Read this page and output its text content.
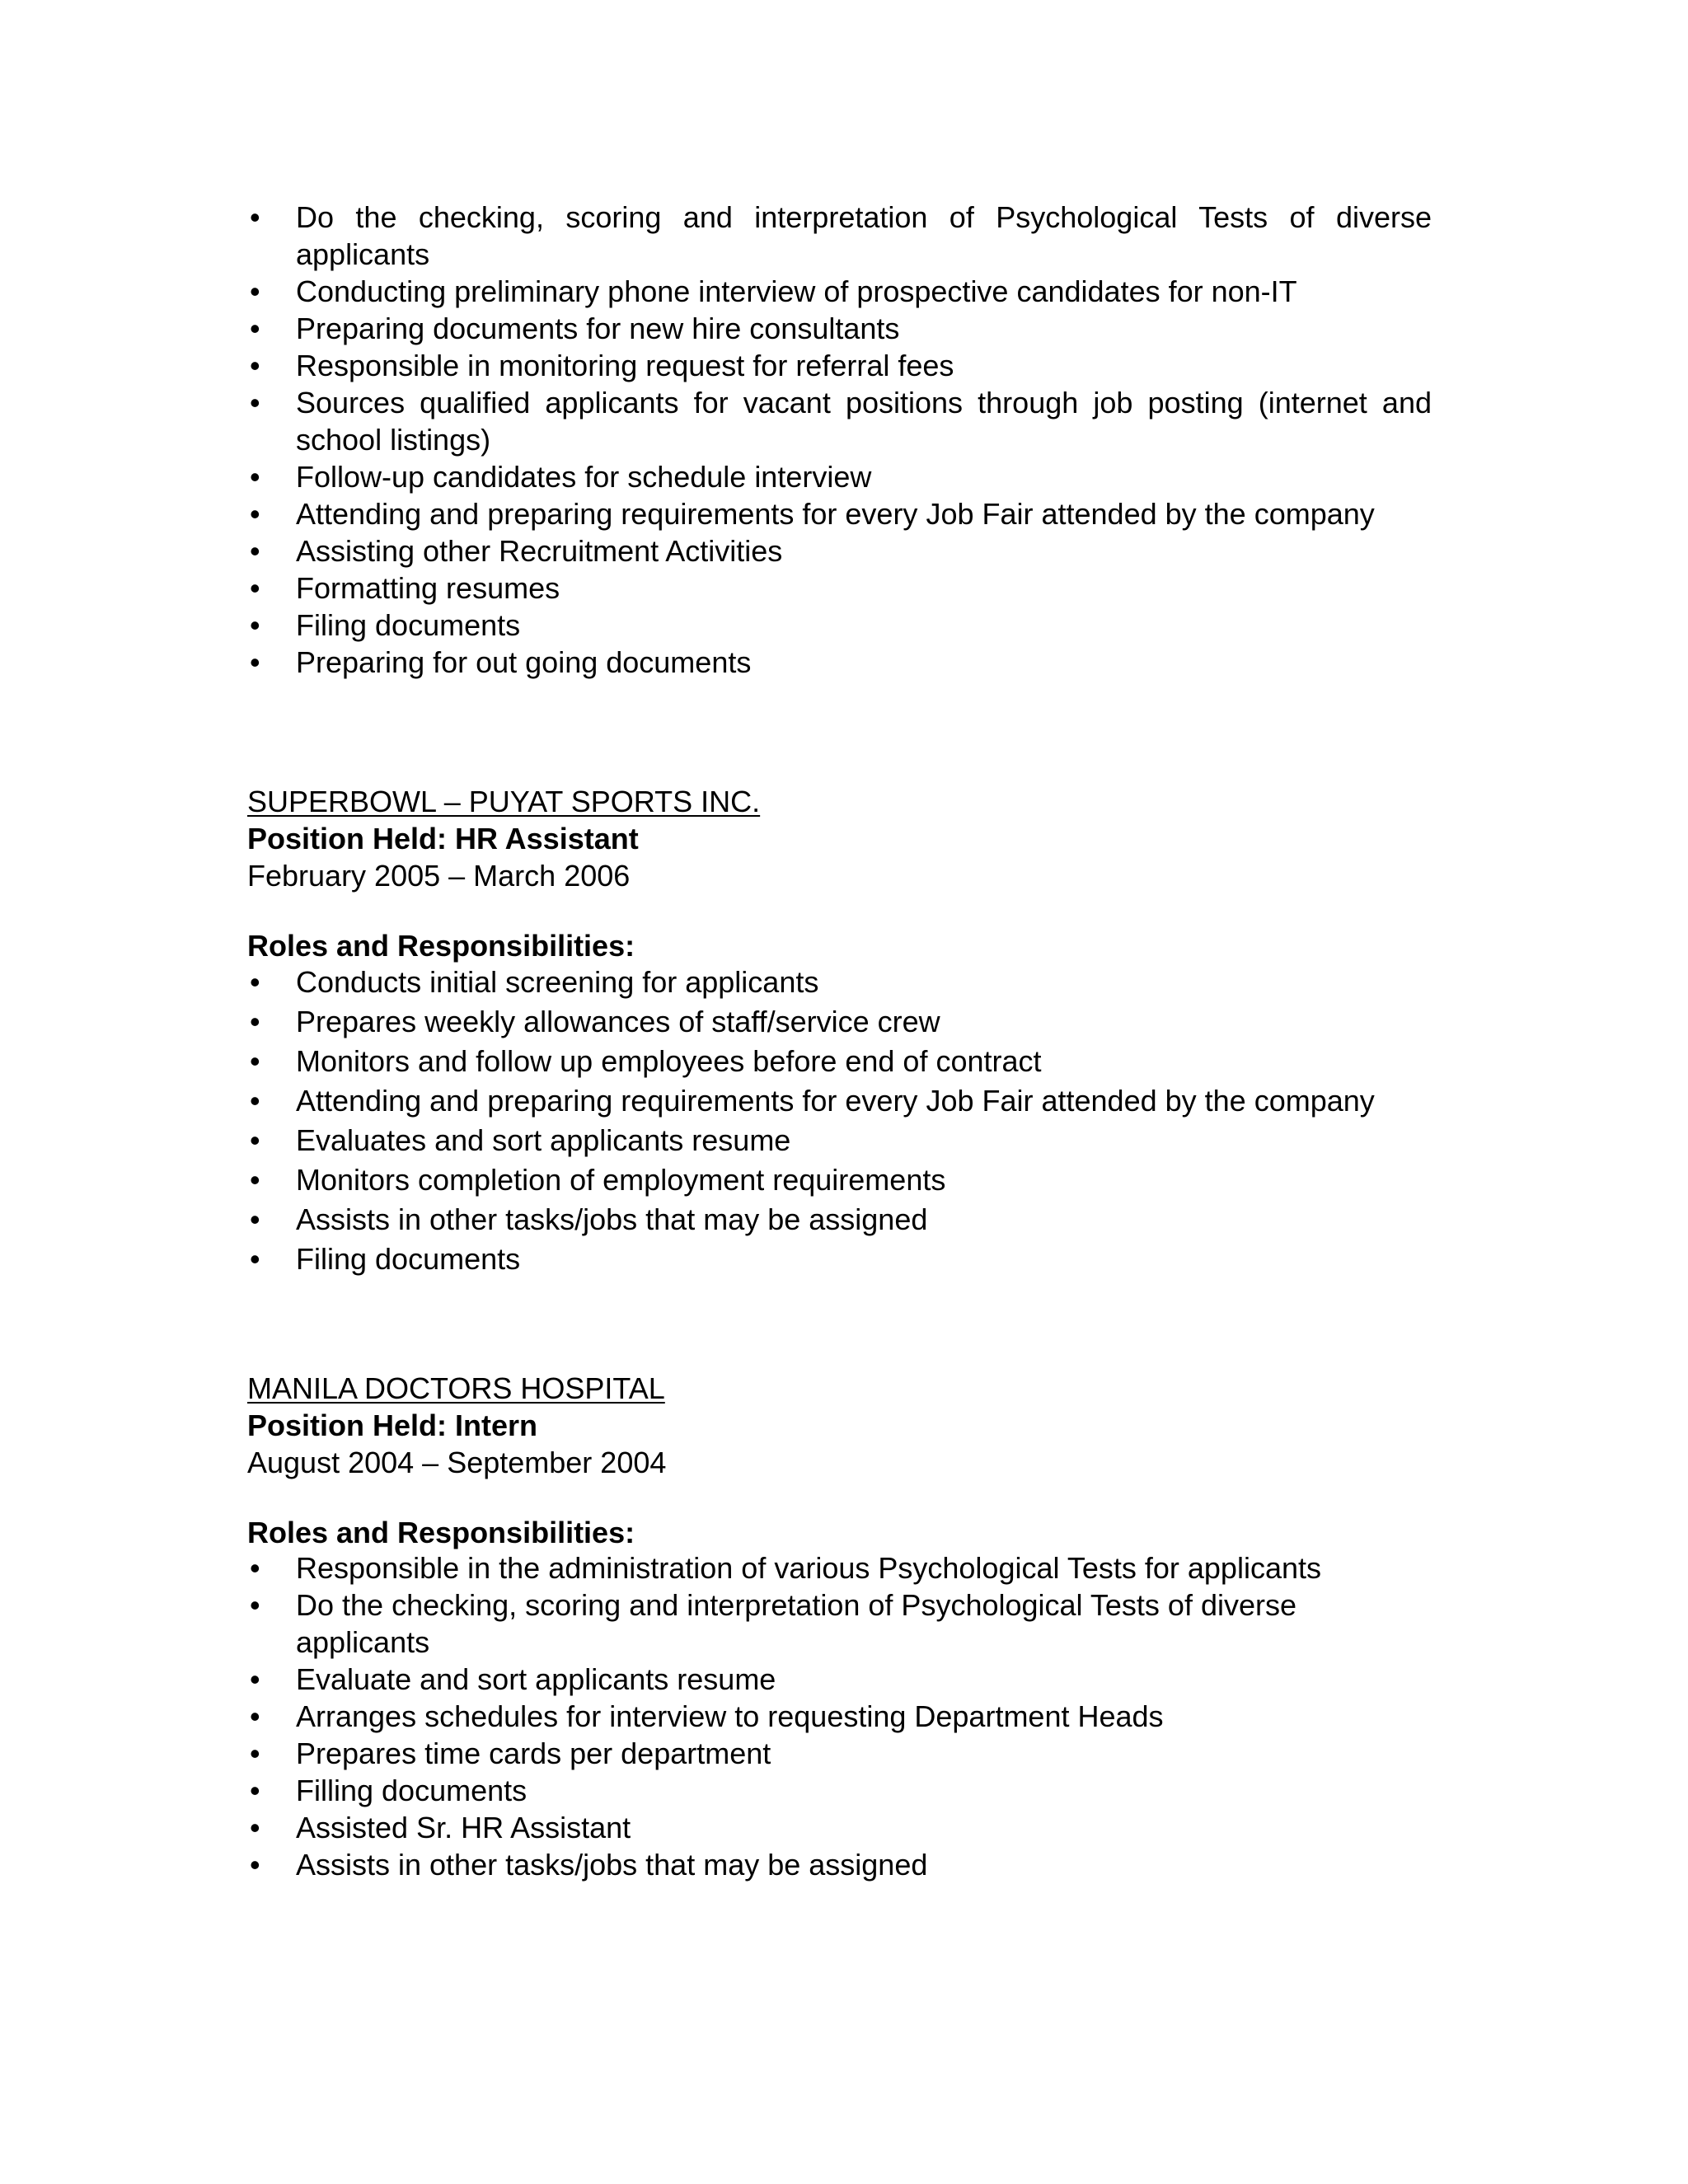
•	Do the checking, scoring and interpretation of Psychological Tests of diverse applicants
•	Conducting preliminary phone interview of prospective candidates for non-IT
•	Preparing documents for new hire consultants
•	Responsible in monitoring request for referral fees
•	Sources qualified applicants for vacant positions through job posting (internet and school listings)
•	Follow-up candidates for schedule interview
•	Attending and preparing requirements for every Job Fair attended by the company
•	Assisting other Recruitment Activities
•	Formatting resumes
•	Filing documents
•	Preparing for out going documents
SUPERBOWL – PUYAT SPORTS INC.
Position Held: HR Assistant
February 2005 – March 2006
Roles and Responsibilities:
•	Conducts initial screening for applicants
•	Prepares weekly allowances of staff/service crew
•	Monitors and follow up employees before end of contract
•	Attending and preparing requirements for every Job Fair attended by the company
•	Evaluates and sort applicants resume
•	Monitors completion of employment requirements
•	Assists in other tasks/jobs that may be assigned
•	Filing documents
MANILA DOCTORS HOSPITAL
Position Held: Intern
August 2004 – September 2004
Roles and Responsibilities:
•	Responsible in the administration of various Psychological Tests for applicants
•	Do the checking, scoring and interpretation of Psychological Tests of diverse applicants
•	Evaluate and sort applicants resume
•	Arranges schedules for interview to requesting Department Heads
•	Prepares time cards per department
•	Filling documents
•	Assisted Sr. HR Assistant
•	Assists in other tasks/jobs that may be assigned
